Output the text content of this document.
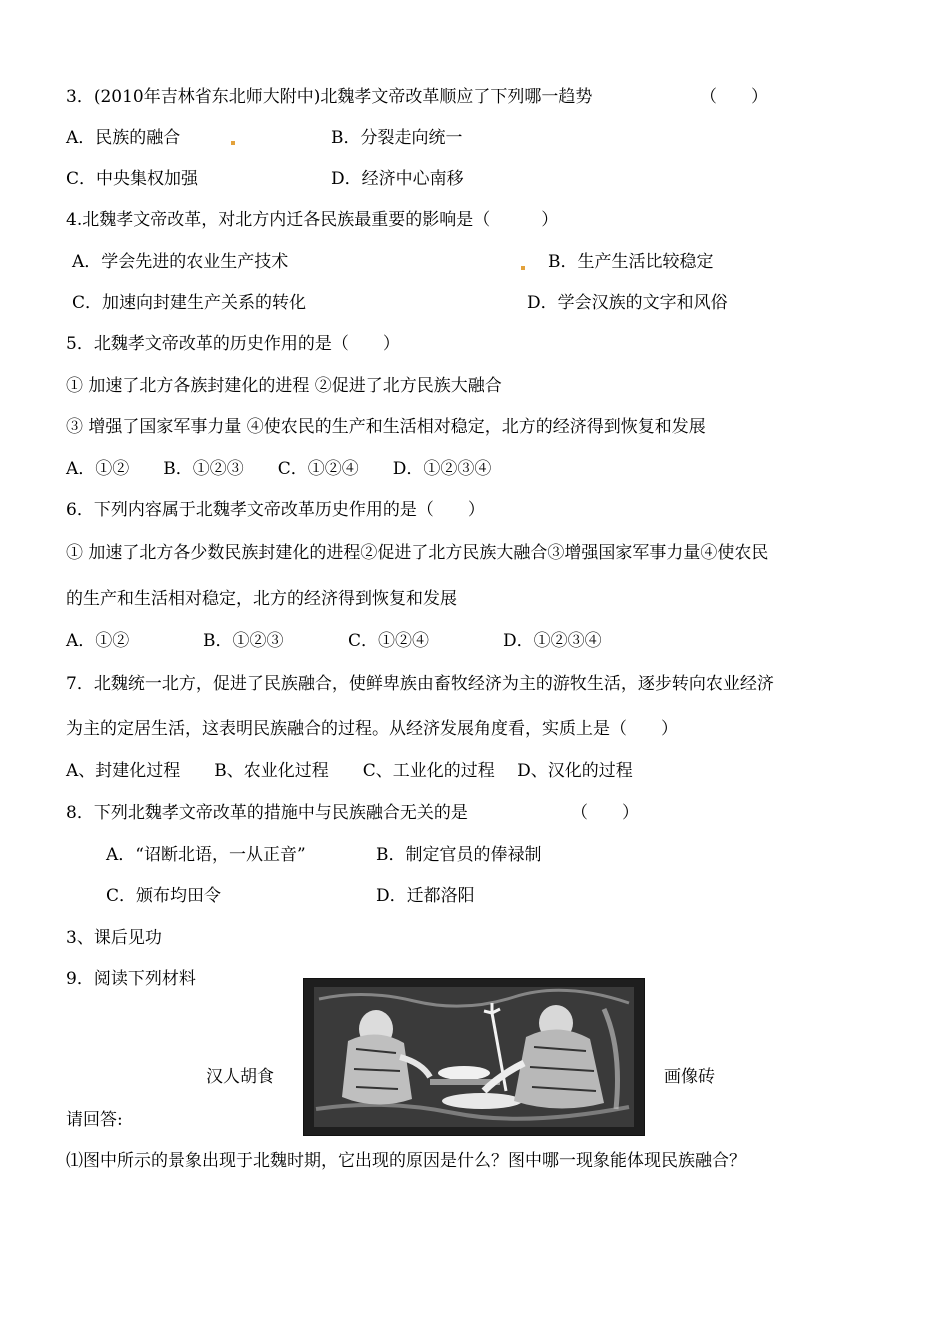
3．(2010年吉林省东北师大附中)北魏孝文帝改革顺应了下列哪一趋势	（　　）
A．民族的融合	B．分裂走向统一
C．中央集权加强	D．经济中心南移
4.北魏孝文帝改革，对北方内迁各民族最重要的影响是（　　　）
A．学会先进的农业生产技术	B．生产生活比较稳定
C．加速向封建生产关系的转化	D．学会汉族的文字和风俗
5．北魏孝文帝改革的历史作用的是（　　）
① 加速了北方各族封建化的进程 ②促进了北方民族大融合
③ 增强了国家军事力量 ④使农民的生产和生活相对稳定，北方的经济得到恢复和发展
A．①②　　B．①②③　　C．①②④　　D．①②③④
6．下列内容属于北魏孝文帝改革历史作用的是（　　）
① 加速了北方各少数民族封建化的进程②促进了北方民族大融合③增强国家军事力量④使农民
的生产和生活相对稳定，北方的经济得到恢复和发展
A．①②	B．①②③	C．①②④	D．①②③④
7．北魏统一北方，促进了民族融合，使鲜卑族由畜牧经济为主的游牧生活，逐步转向农业经济
为主的定居生活，这表明民族融合的过程。从经济发展角度看，实质上是（　　）
A、封建化过程　　B、农业化过程　　C、工业化的过程　 D、汉化的过程
8．下列北魏孝文帝改革的措施中与民族融合无关的是	（　　）
A．“诏断北语，一从正音”	B．制定官员的俸禄制
C．颁布均田令	D．迁都洛阳
3、课后见功
9．阅读下列材料
汉人胡食	画像砖
请回答:
⑴图中所示的景象出现于北魏时期，它出现的原因是什么？图中哪一现象能体现民族融合？
